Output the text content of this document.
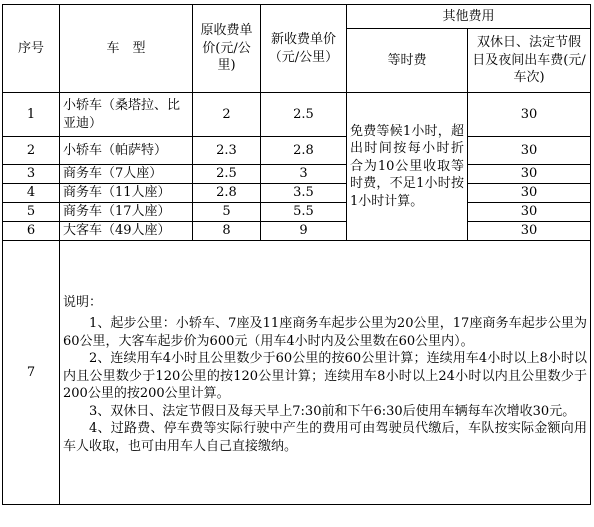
序号	车　型	原收费单价(元/公里)	新收费单价（元/公里）	其他费用	
				等时费	双休日、法定节假日及夜间出车费(元/车次)
1	小轿车（桑塔拉、比亚迪）	2	2.5	免费等候1小时，超出时间按每小时折合为10公里收取等时费，不足1小时按1小时计算。	30
2	小轿车（帕萨特）	2.3	2.8		30
3	商务车（7人座）	2.5	3		30
4	商务车（11人座）	2.8	3.5		30
5	商务车（17人座）	5	5.5		30
6	大客车（49人座）	8	9		30
7	说明：

1、起步公里：小轿车、7座及11座商务车起步公里为20公里，17座商务车起步公里为60公里，大客车起步价为600元（用车4小时内及公里数在60公里内）。

2、连续用车4小时且公里数少于60公里的按60公里计算；连续用车4小时以上8小时以内且公里数少于120公里的按120公里计算；连续用车8小时以上24小时以内且公里数少于200公里的按200公里计算。

3、双休日、法定节假日及每天早上7:30前和下午6:30后使用车辆每车次增收30元。

4、过路费、停车费等实际行驶中产生的费用可由驾驶员代缴后，车队按实际金额向用车人收取，也可由用车人自己直接缴纳。				
